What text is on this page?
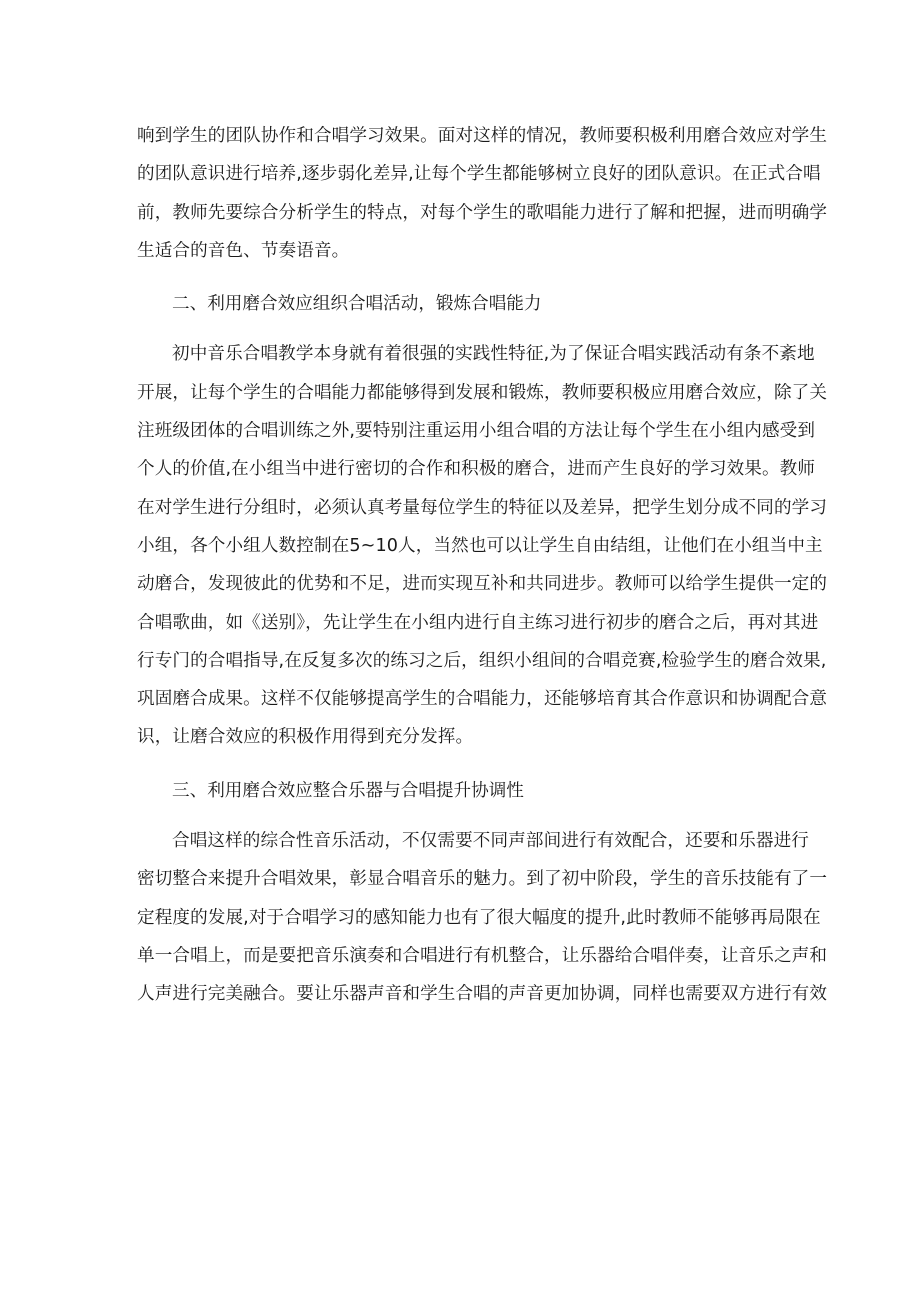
响到学生的团队协作和合唱学习效果。面对这样的情况，教师要积极利用磨合效应对学生
的团队意识进行培养,逐步弱化差异,让每个学生都能够树立良好的团队意识。在正式合唱
前，教师先要综合分析学生的特点，对每个学生的歌唱能力进行了解和把握，进而明确学
生适合的音色、节奏语音。

二、利用磨合效应组织合唱活动，锻炼合唱能力

初中音乐合唱教学本身就有着很强的实践性特征,为了保证合唱实践活动有条不紊地
开展，让每个学生的合唱能力都能够得到发展和锻炼，教师要积极应用磨合效应，除了关
注班级团体的合唱训练之外,要特别注重运用小组合唱的方法让每个学生在小组内感受到
个人的价值,在小组当中进行密切的合作和积极的磨合，进而产生良好的学习效果。教师
在对学生进行分组时，必须认真考量每位学生的特征以及差异，把学生划分成不同的学习
小组，各个小组人数控制在5~10人，当然也可以让学生自由结组，让他们在小组当中主
动磨合，发现彼此的优势和不足，进而实现互补和共同进步。教师可以给学生提供一定的
合唱歌曲，如《送别》，先让学生在小组内进行自主练习进行初步的磨合之后，再对其进
行专门的合唱指导,在反复多次的练习之后，组织小组间的合唱竞赛,检验学生的磨合效果,
巩固磨合成果。这样不仅能够提高学生的合唱能力，还能够培育其合作意识和协调配合意
识，让磨合效应的积极作用得到充分发挥。

三、利用磨合效应整合乐器与合唱提升协调性

合唱这样的综合性音乐活动，不仅需要不同声部间进行有效配合，还要和乐器进行
密切整合来提升合唱效果，彰显合唱音乐的魅力。到了初中阶段，学生的音乐技能有了一
定程度的发展,对于合唱学习的感知能力也有了很大幅度的提升,此时教师不能够再局限在
单一合唱上，而是要把音乐演奏和合唱进行有机整合，让乐器给合唱伴奏，让音乐之声和
人声进行完美融合。要让乐器声音和学生合唱的声音更加协调，同样也需要双方进行有效
